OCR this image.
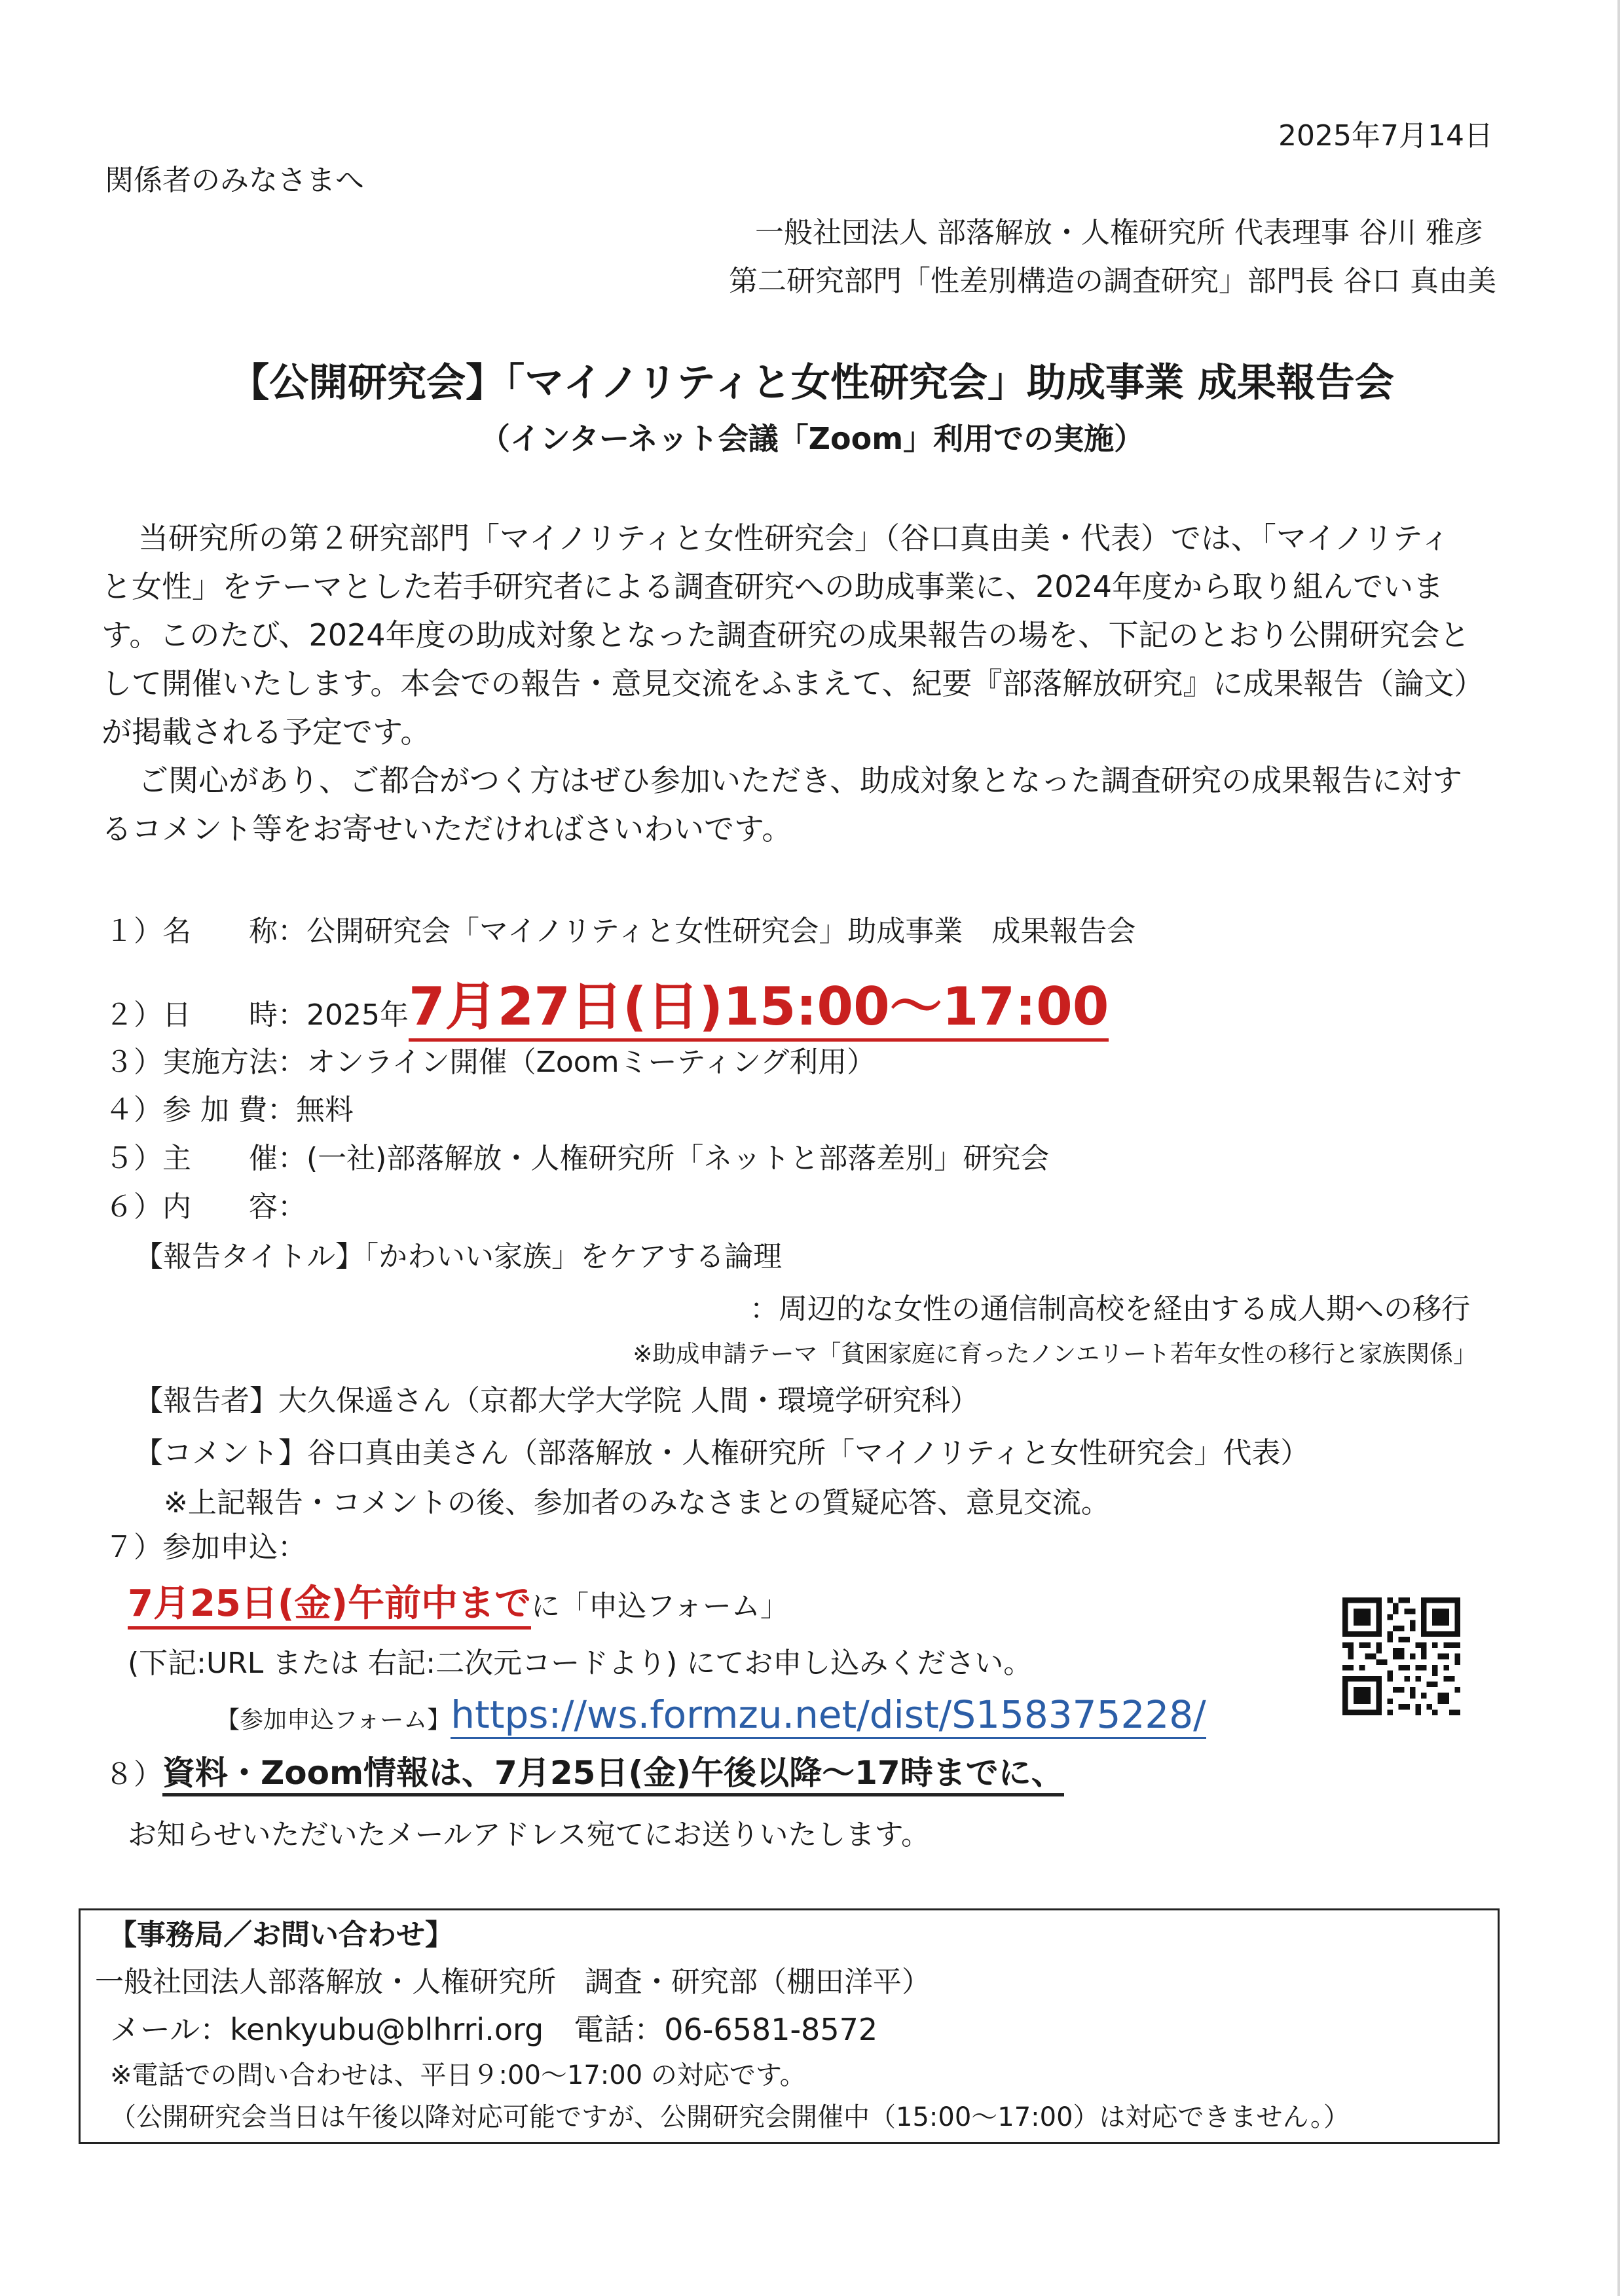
2025年7月14日
関係者のみなさまへ
一般社団法人 部落解放・人権研究所 代表理事 谷川 雅彦
第二研究部門「性差別構造の調査研究」部門長 谷口 真由美
【公開研究会】「マイノリティと女性研究会」助成事業 成果報告会
（インターネット会議「Zoom」利用での実施）
当研究所の第２研究部門「マイノリティと女性研究会」（谷口真由美・代表）では、「マイノリティと女性」をテーマとした若手研究者による調査研究への助成事業に、2024年度から取り組んでいます。このたび、2024年度の助成対象となった調査研究の成果報告の場を、下記のとおり公開研究会として開催いたします。本会での報告・意見交流をふまえて、紀要『部落解放研究』に成果報告（論文）が掲載される予定です。
ご関心があり、ご都合がつく方はぜひ参加いただき、助成対象となった調査研究の成果報告に対するコメント等をお寄せいただければさいわいです。
１）名　　称：公開研究会「マイノリティと女性研究会」助成事業　成果報告会
２）日　　時：2025年7月27日(日)15:00～17:00
３）実施方法：オンライン開催（Zoomミーティング利用）
４）参 加 費：無料
５）主　　催：(一社)部落解放・人権研究所「ネットと部落差別」研究会
６）内　　容：
【報告タイトル】「かわいい家族」をケアする論理
：周辺的な女性の通信制高校を経由する成人期への移行
※助成申請テーマ「貧困家庭に育ったノンエリート若年女性の移行と家族関係」
【報告者】大久保遥さん（京都大学大学院 人間・環境学研究科）
【コメント】谷口真由美さん（部落解放・人権研究所「マイノリティと女性研究会」代表）
※上記報告・コメントの後、参加者のみなさまとの質疑応答、意見交流。
７）参加申込：
7月25日(金)午前中までに「申込フォーム」
(下記:URL または 右記:二次元コードより) にてお申し込みください。
【参加申込フォーム】https://ws.formzu.net/dist/S158375228/
８）資料・Zoom情報は、7月25日(金)午後以降～17時までに、
お知らせいただいたメールアドレス宛てにお送りいたします。
【事務局／お問い合わせ】
一般社団法人部落解放・人権研究所　調査・研究部（棚田洋平）
メール：kenkyubu@blhrri.org　電話：06-6581-8572
※電話での問い合わせは、平日９:00～17:00 の対応です。
（公開研究会当日は午後以降対応可能ですが、公開研究会開催中（15:00～17:00）は対応できません。）
